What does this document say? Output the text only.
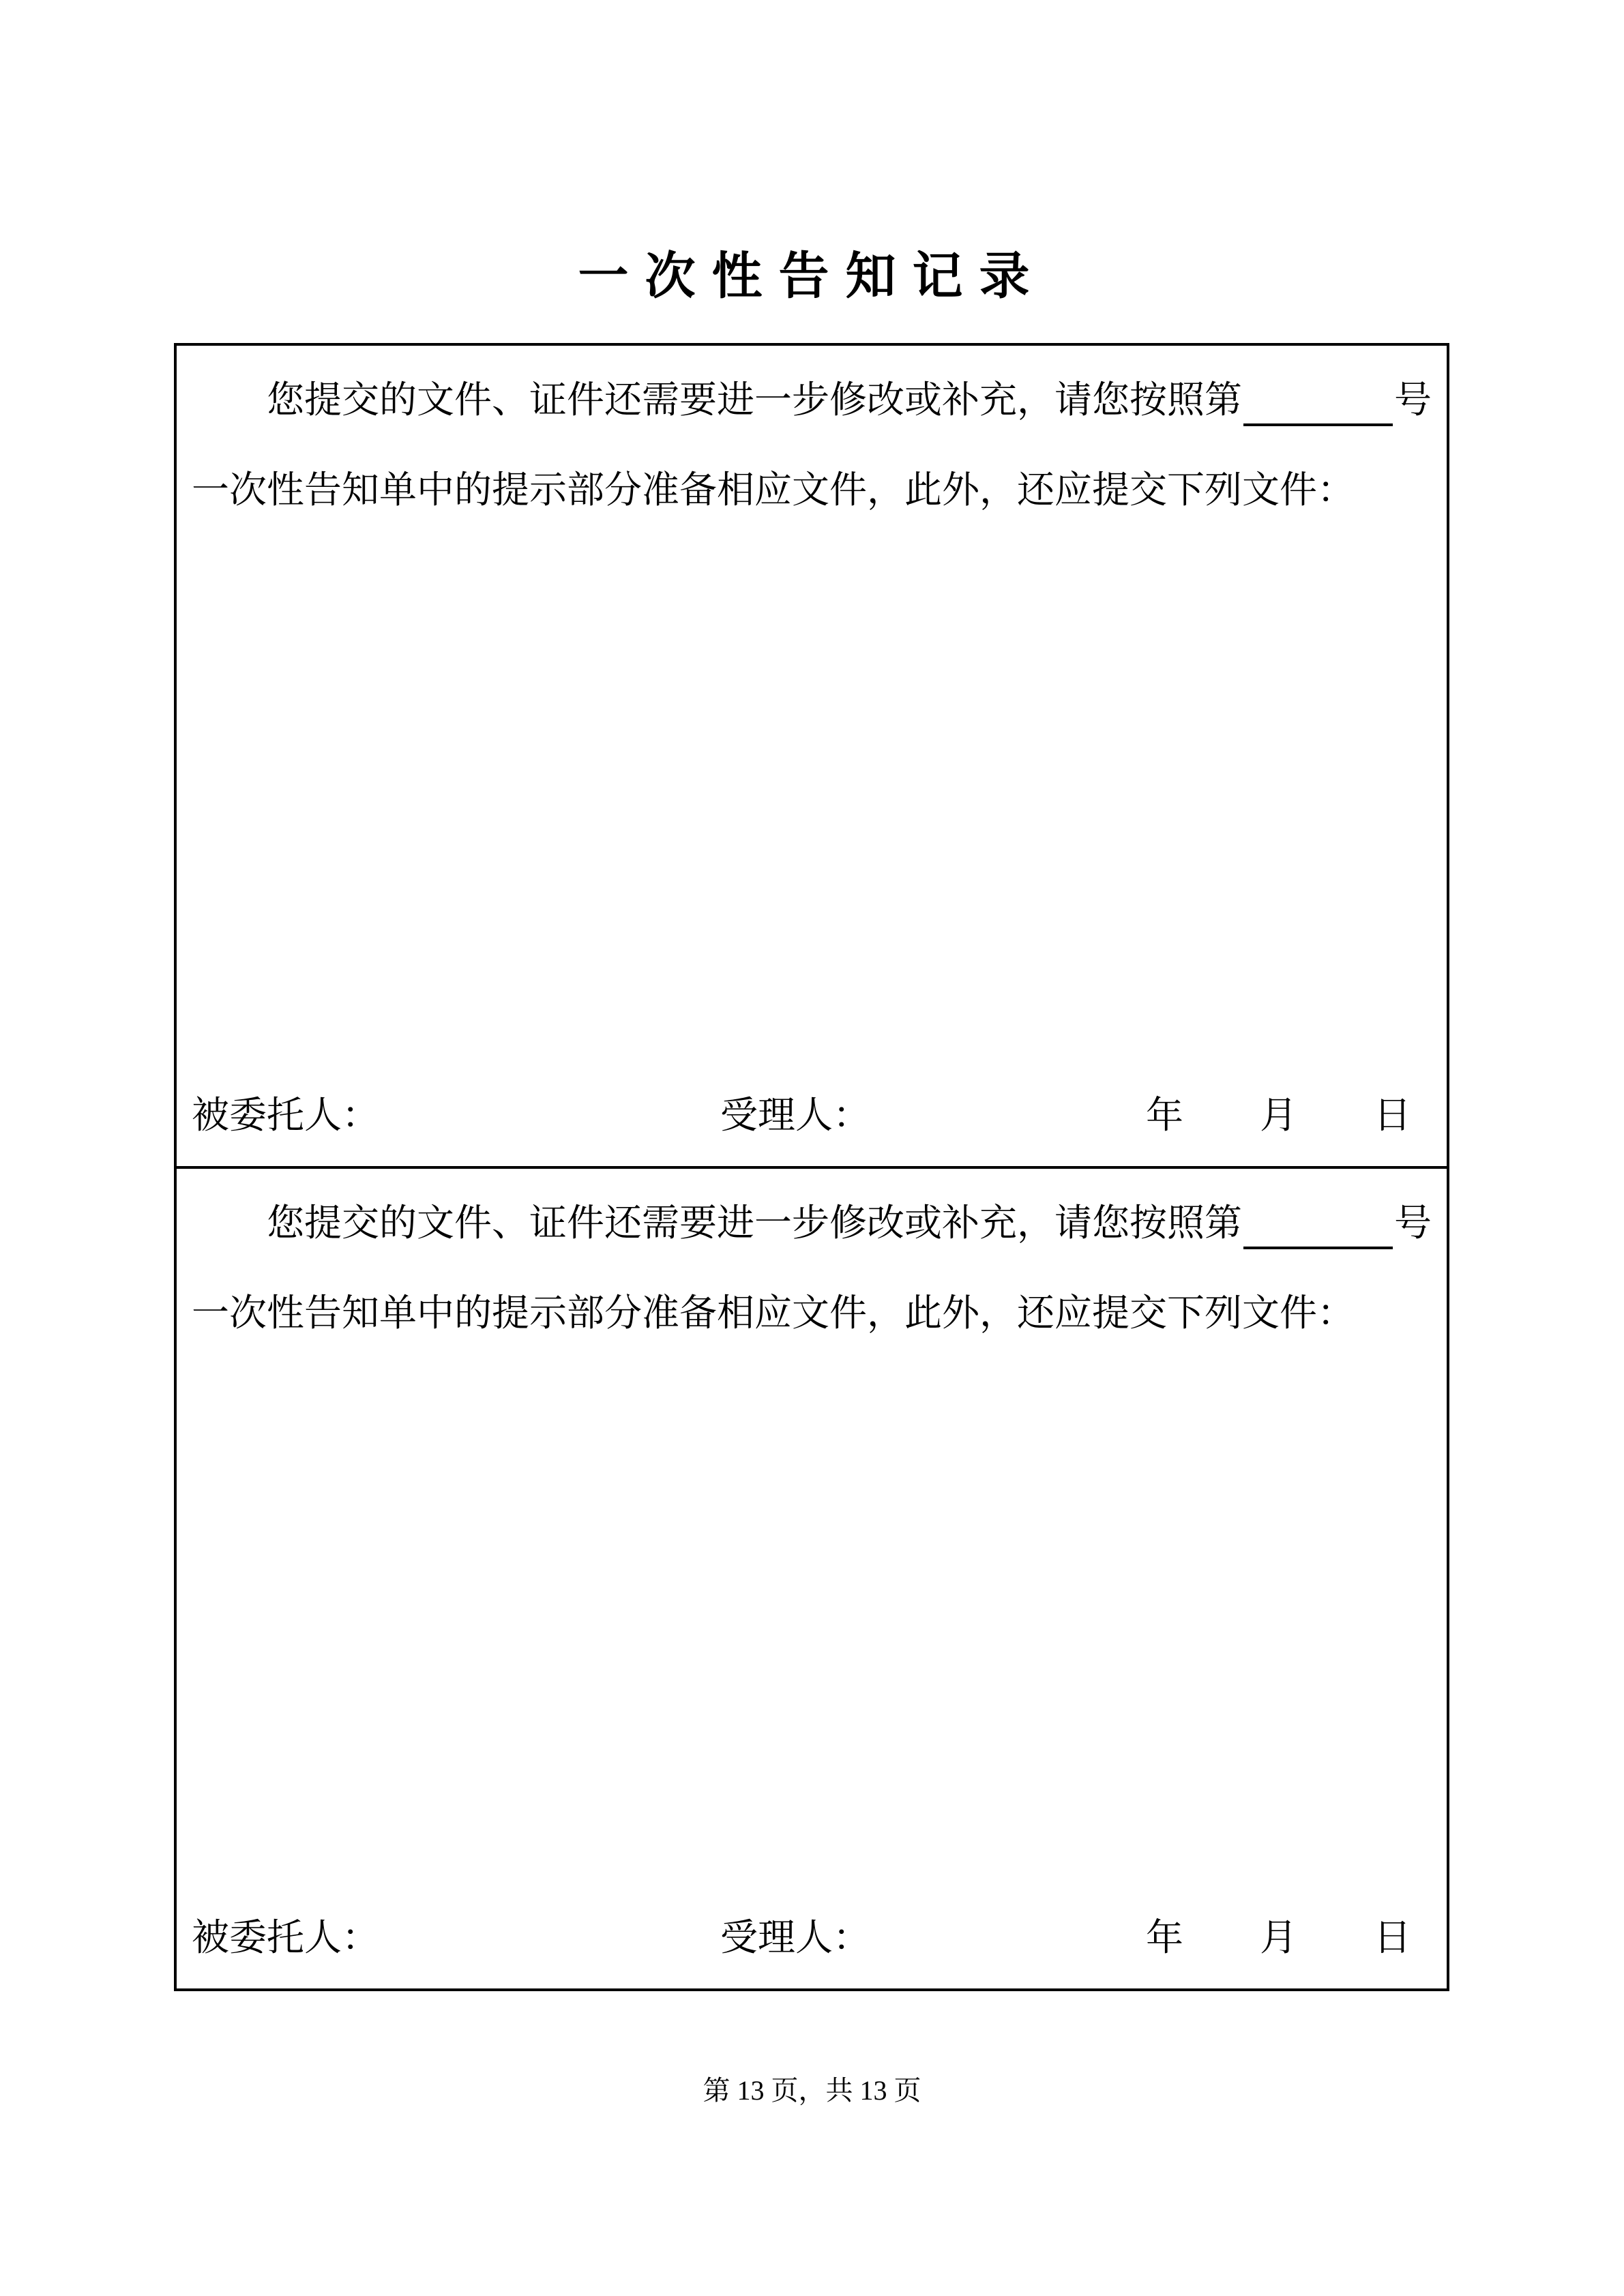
一次性告知记录
您提交的文件、证件还需要进一步修改或补充，请您按照第	号
一次性告知单中的提示部分准备相应文件，此外，还应提交下列文件：
被委托人：	受理人：	年 月 日
您提交的文件、证件还需要进一步修改或补充，请您按照第	号
一次性告知单中的提示部分准备相应文件，此外，还应提交下列文件：
被委托人：	受理人：	年 月 日
第 13 页，共 13 页
